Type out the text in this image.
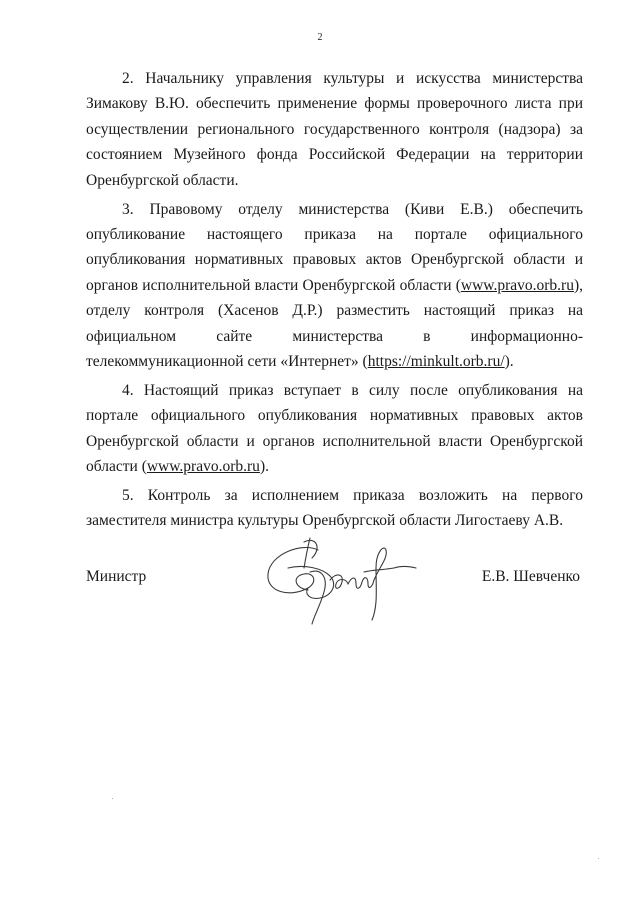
2

2. Начальнику управления культуры и искусства министерства Зимакову В.Ю. обеспечить применение формы проверочного листа при осуществлении регионального государственного контроля (надзора) за состоянием Музейного фонда Российской Федерации на территории Оренбургской области.

3. Правовому отделу министерства (Киви Е.В.) обеспечить опубликование настоящего приказа на портале официального опубликования нормативных правовых актов Оренбургской области и органов исполнительной власти Оренбургской области (www.pravo.orb.ru), отделу контроля (Хасенов Д.Р.) разместить настоящий приказ на официальном сайте министерства в информационно-телекоммуникационной сети «Интернет» (https://minkult.orb.ru/).

4. Настоящий приказ вступает в силу после опубликования на портале официального опубликования нормативных правовых актов Оренбургской области и органов исполнительной власти Оренбургской области (www.pravo.orb.ru).

5. Контроль за исполнением приказа возложить на первого заместителя министра культуры Оренбургской области Лигостаеву А.В.

Министр	Е.В. Шевченко
